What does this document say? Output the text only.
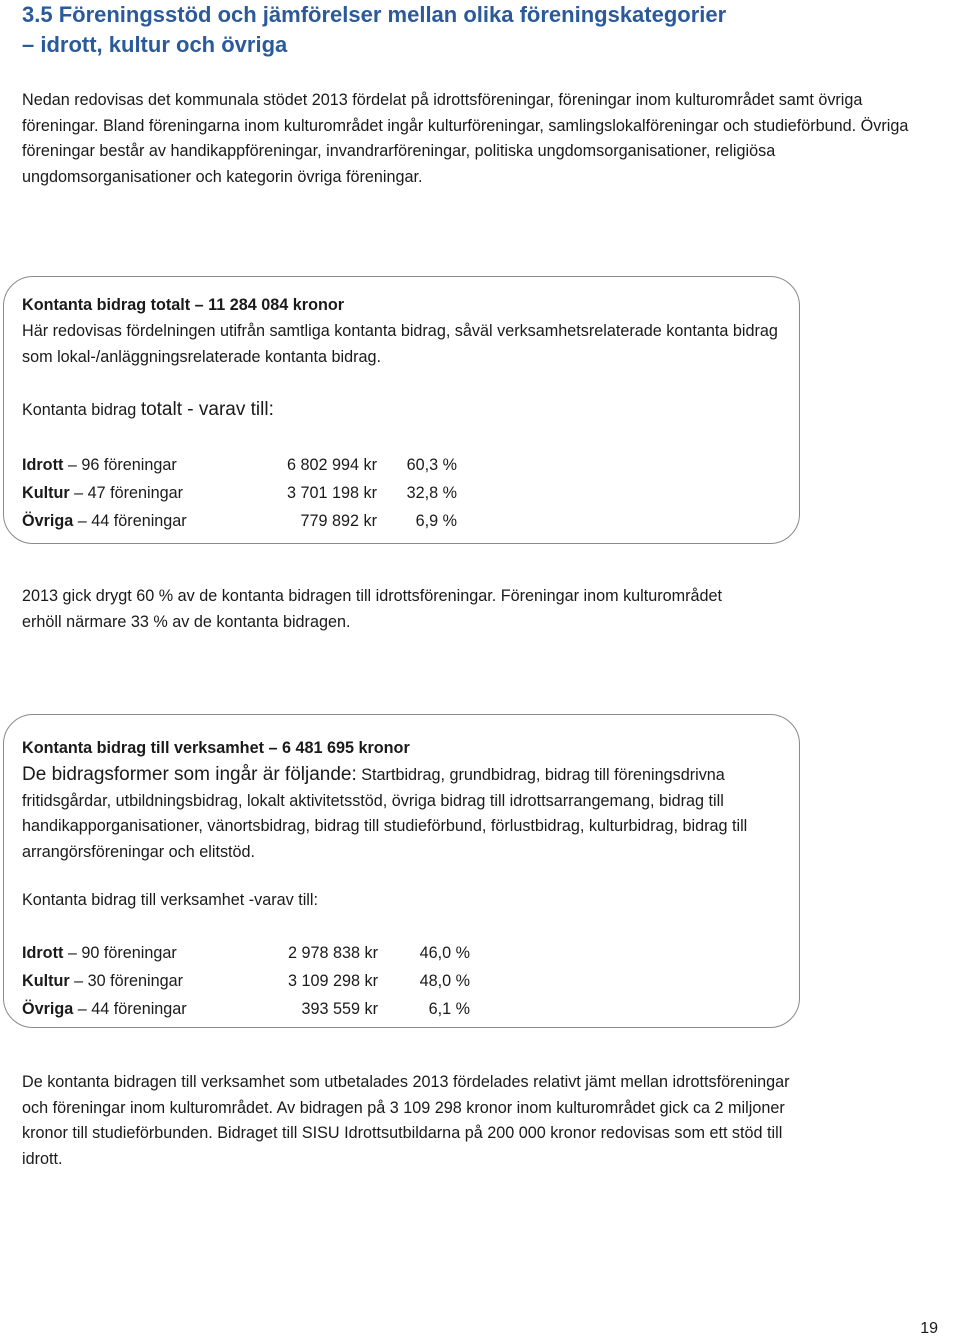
3.5 Föreningsstöd och jämförelser mellan olika föreningskategorier
– idrott, kultur och övriga

Nedan redovisas det kommunala stödet 2013 fördelat på idrottsföreningar, föreningar inom kulturområdet samt övriga föreningar. Bland föreningarna inom kulturområdet ingår kulturföreningar, samlingslokalföreningar och studieförbund. Övriga föreningar består av handikappföreningar, invandrarföreningar, politiska ungdomsorganisationer, religiösa ungdomsorganisationer och kategorin övriga föreningar.

Kontanta bidrag totalt – 11 284 084 kronor

Här redovisas fördelningen utifrån samtliga kontanta bidrag, såväl verksamhetsrelaterade kontanta bidrag som lokal-/anläggningsrelaterade kontanta bidrag.

Kontanta bidrag totalt - varav till:

Idrott – 96 föreningar	6 802 994 kr	60,3 %
Kultur – 47 föreningar	3 701 198 kr	32,8 %
Övriga – 44 föreningar	779 892 kr	6,9 %

2013 gick drygt 60 % av de kontanta bidragen till idrottsföreningar. Föreningar inom kulturområdet erhöll närmare 33 % av de kontanta bidragen.

Kontanta bidrag till verksamhet – 6 481 695 kronor

De bidragsformer som ingår är följande: Startbidrag, grundbidrag, bidrag till föreningsdrivna fritidsgårdar, utbildningsbidrag, lokalt aktivitetsstöd, övriga bidrag till idrottsarrangemang, bidrag till handikapporganisationer, vänortsbidrag, bidrag till studieförbund, förlustbidrag, kulturbidrag, bidrag till arrangörsföreningar och elitstöd.

Kontanta bidrag till verksamhet -varav till:

Idrott – 90 föreningar	2 978 838 kr	46,0 %
Kultur – 30 föreningar	3 109 298 kr	48,0 %
Övriga – 44 föreningar	393 559 kr	6,1 %

De kontanta bidragen till verksamhet som utbetalades 2013 fördelades relativt jämt mellan idrottsföreningar och föreningar inom kulturområdet. Av bidragen på 3 109 298 kronor inom kulturområdet gick ca 2 miljoner kronor till studieförbunden. Bidraget till SISU Idrottsutbildarna på 200 000 kronor redovisas som ett stöd till idrott.

19
